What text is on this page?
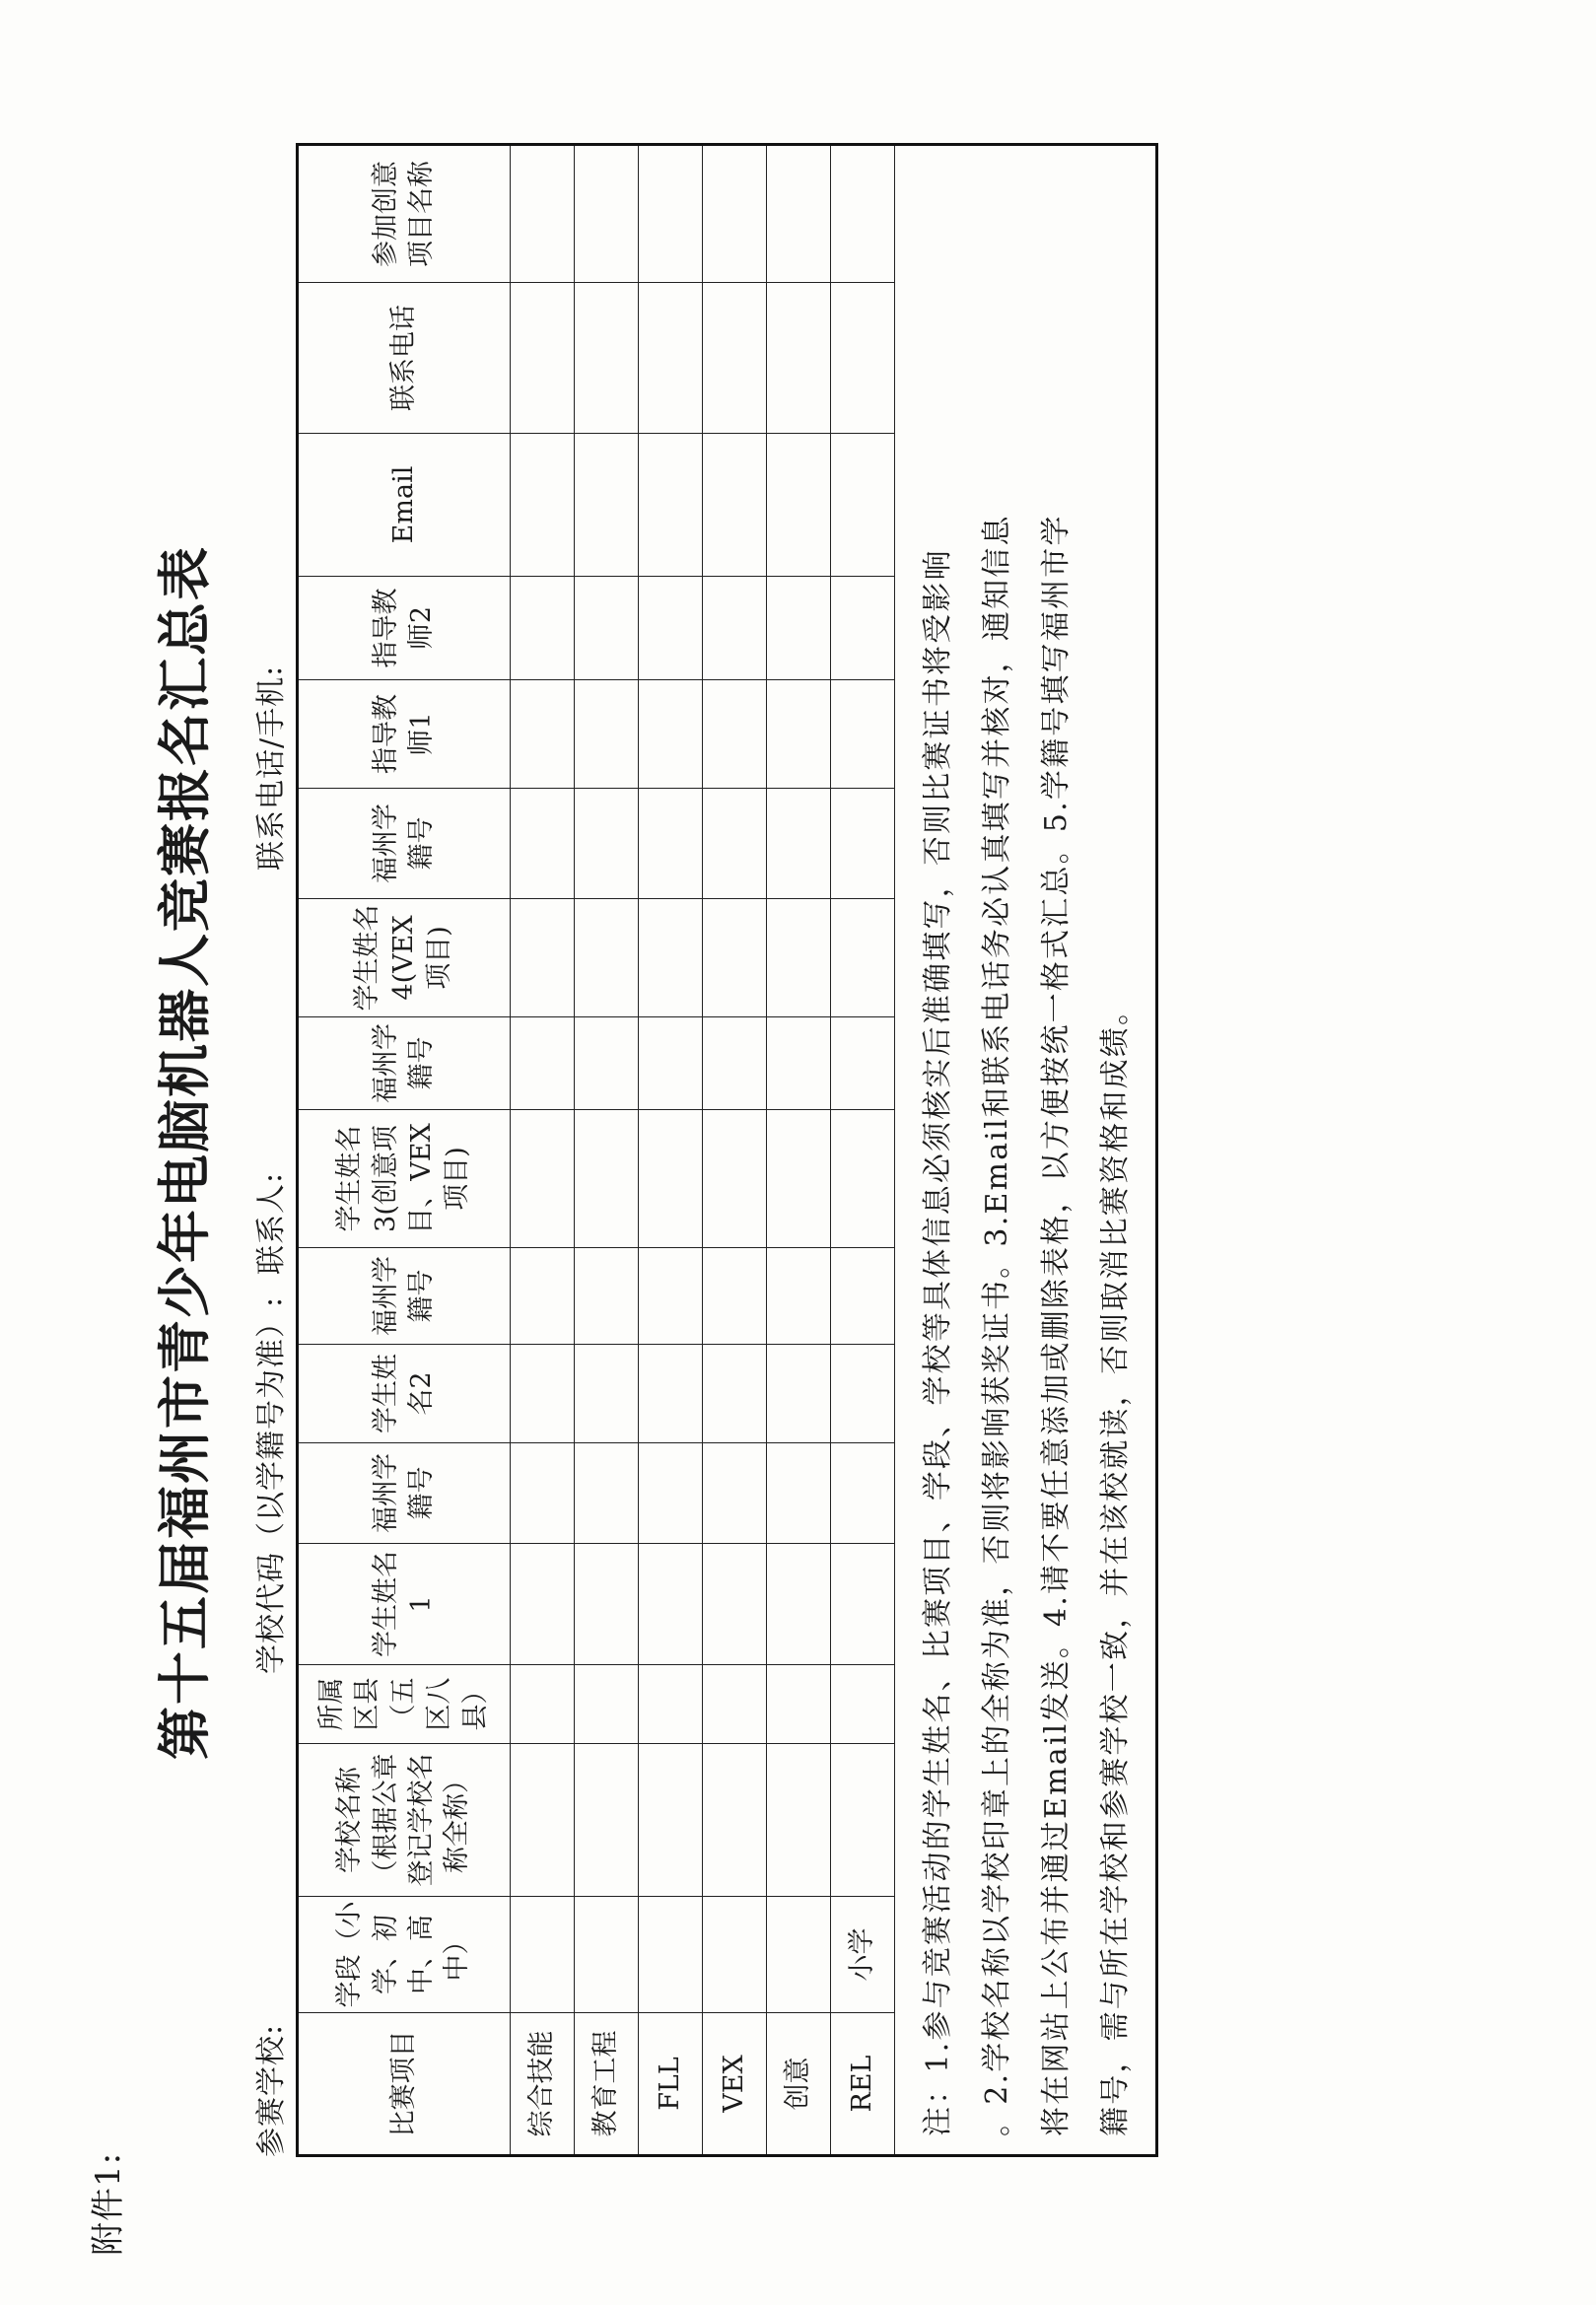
附件1:
第十五届福州市青少年电脑机器人竞赛报名汇总表
参赛学校:
学校代码（以学籍号为准）:
联系人:
联系电话/手机:
比赛项目	学段（小学、初中、高中）	学校名称（根据公章登记学校名称全称）	所属区县（五区八县）	学生姓名1	福州学籍号	学生姓名2	福州学籍号	学生姓名3(创意项目、VEX项目)	福州学籍号	学生姓名4(VEX项目)	福州学籍号	指导教师1	指导教师2	Email	联系电话	参加创意项目名称
综合技能																
教育工程																
FLL																
VEX																
创意																
REL	小学															

注：1.参与竞赛活动的学生姓名、比赛项目、学段、学校等具体信息必须核实后准确填写，否则比赛证书将受影响 。2.学校名称以学校印章上的全称为准，否则将影响获奖证书。3.Email和联系电话务必认真填写并核对，通知信息 将在网站上公布并通过Email发送。4.请不要任意添加或删除表格，以方便按统一格式汇总。5.学籍号填写福州市学 籍号，需与所在学校和参赛学校一致，并在该校就读，否则取消比赛资格和成绩。																
